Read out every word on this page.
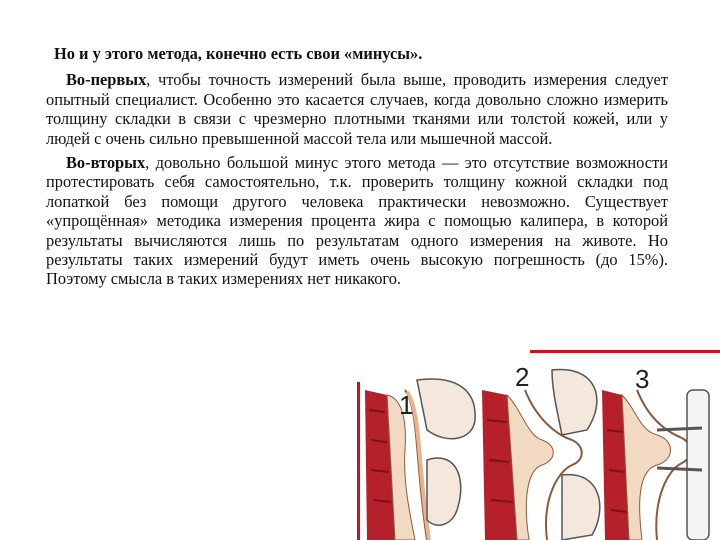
Но и у этого метода, конечно есть свои «минусы».

Во-первых, чтобы точность измерений была выше, проводить измерения следует опытный специалист. Особенно это касается случаев, когда довольно сложно измерить толщину складки в связи с чрезмерно плотными тканями или толстой кожей, или у людей с очень сильно превышенной массой тела или мышечной массой.

Во-вторых, довольно большой минус этого метода — это отсутствие возможности протестировать себя самостоятельно, т.к. проверить толщину кожной складки под лопаткой без помощи другого человека практически невозможно. Существует «упрощённая» методика измерения процента жира с помощью калипера, в которой результаты вычисляются лишь по результатам одного измерения на животе. Но результаты таких измерений будут иметь очень высокую погрешность (до 15%). Поэтому смысла в таких измерениях нет никакого.

1
2	3
